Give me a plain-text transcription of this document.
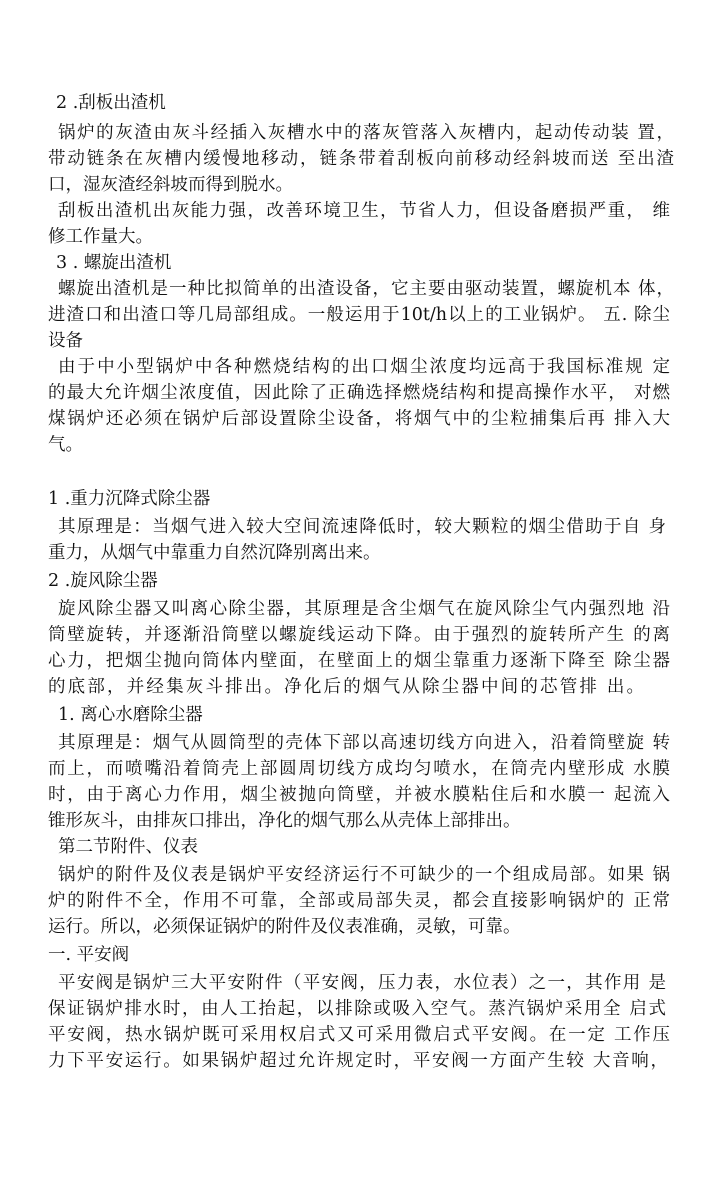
2 .刮板出渣机

锅炉的灰渣由灰斗经插入灰槽水中的落灰管落入灰槽内，起动传动装 置，

带动链条在灰槽内缓慢地移动，链条带着刮板向前移动经斜坡而送 至出渣

口，湿灰渣经斜坡而得到脱水。

刮板出渣机出灰能力强，改善环境卫生，节省人力，但设备磨损严重， 维

修工作量大。

3 . 螺旋出渣机

螺旋出渣机是一种比拟简单的出渣设备，它主要由驱动装置，螺旋机本 体，

进渣口和出渣口等几局部组成。一般运用于10t/h以上的工业锅炉。 五. 除尘

设备

由于中小型锅炉中各种燃烧结构的出口烟尘浓度均远高于我国标准规 定

的最大允许烟尘浓度值，因此除了正确选择燃烧结构和提高操作水平， 对燃

煤锅炉还必须在锅炉后部设置除尘设备，将烟气中的尘粒捕集后再 排入大

气。

1 .重力沉降式除尘器

其原理是：当烟气进入较大空间流速降低时，较大颗粒的烟尘借助于自 身

重力，从烟气中靠重力自然沉降别离出来。

2 .旋风除尘器

旋风除尘器又叫离心除尘器，其原理是含尘烟气在旋风除尘气内强烈地 沿

筒壁旋转，并逐渐沿筒壁以螺旋线运动下降。由于强烈的旋转所产生 的离

心力，把烟尘抛向筒体内壁面，在壁面上的烟尘靠重力逐渐下降至 除尘器

的底部，并经集灰斗排出。净化后的烟气从除尘器中间的芯管排 出。

1. 离心水磨除尘器

其原理是：烟气从圆筒型的壳体下部以高速切线方向进入，沿着筒壁旋 转

而上，而喷嘴沿着筒壳上部圆周切线方成均匀喷水，在筒壳内壁形成 水膜

时，由于离心力作用，烟尘被抛向筒壁，并被水膜粘住后和水膜一 起流入

锥形灰斗，由排灰口排出，净化的烟气那么从壳体上部排出。

第二节附件、仪表

锅炉的附件及仪表是锅炉平安经济运行不可缺少的一个组成局部。如果 锅

炉的附件不全，作用不可靠，全部或局部失灵，都会直接影响锅炉的 正常

运行。所以，必须保证锅炉的附件及仪表准确，灵敏，可靠。

一. 平安阀

平安阀是锅炉三大平安附件（平安阀，压力表，水位表）之一，其作用 是

保证锅炉排水时，由人工抬起，以排除或吸入空气。蒸汽锅炉采用全 启式

平安阀，热水锅炉既可采用权启式又可采用微启式平安阀。在一定 工作压

力下平安运行。如果锅炉超过允许规定时，平安阀一方面产生较 大音响，
